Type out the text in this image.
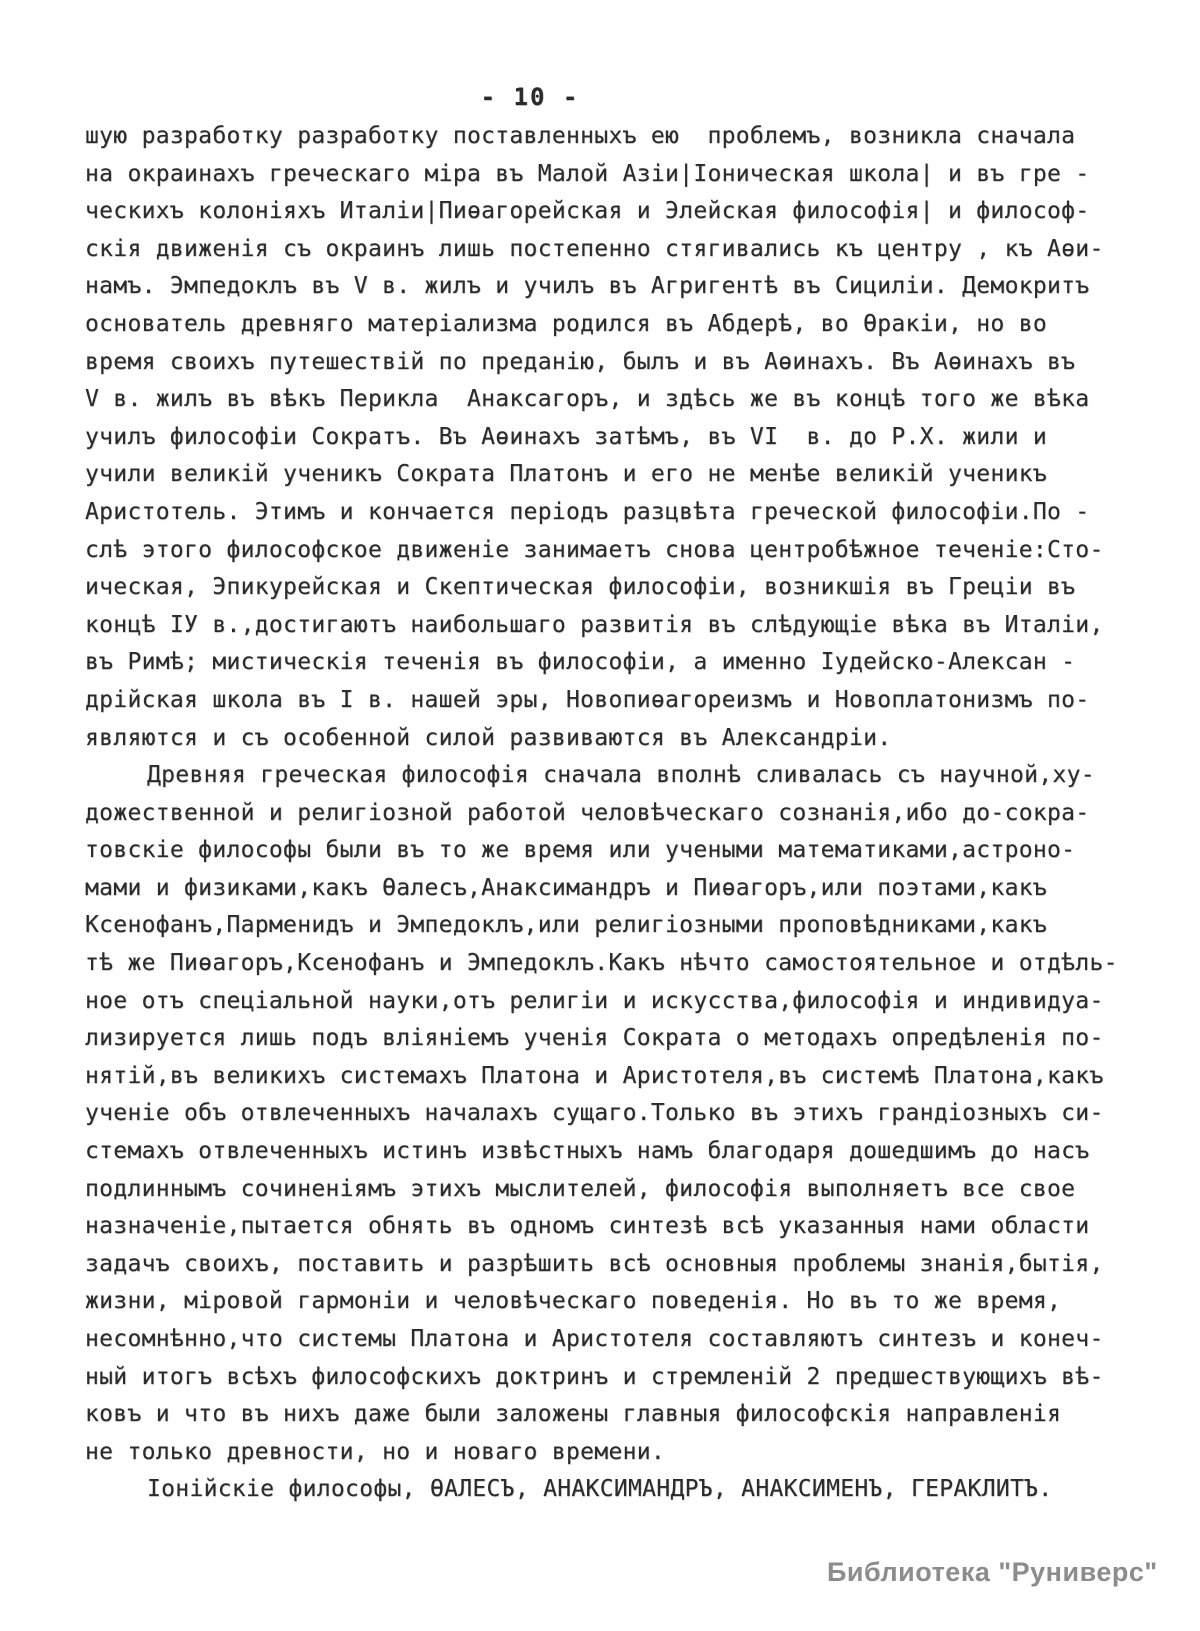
- 10 -
шую разработку разработку поставленныхъ ею  проблемъ, возникла сначала
на окраинахъ греческаго міра въ Малой Азіи|Іоническая школа| и въ гре -
ческихъ колоніяхъ Италіи|Пиѳагорейская и Элейская философія| и философ-
скія движенія съ окраинъ лишь постепенно стягивались къ центру , къ Аѳи-
намъ. Эмпедоклъ въ V в. жилъ и училъ въ Агригентѣ въ Сициліи. Демокритъ
основатель древняго матеріализма родился въ Абдерѣ, во Ѳракіи, но во
время своихъ путешествій по преданію, былъ и въ Аѳинахъ. Въ Аѳинахъ въ
V в. жилъ въ вѣкъ Перикла  Анаксагоръ, и здѣсь же въ концѣ того же вѣка
училъ философіи Сократъ. Въ Аѳинахъ затѣмъ, въ VI  в. до Р.Х. жили и
учили великій ученикъ Сократа Платонъ и его не менѣе великій ученикъ
Аристотель. Этимъ и кончается періодъ разцвѣта греческой философіи.По -
слѣ этого философское движеніе занимаетъ снова центробѣжное теченіе:Сто-
ическая, Эпикурейская и Скептическая философіи, возникшія въ Греціи въ
концѣ IУ в.,достигаютъ наибольшаго развитія въ слѣдующіе вѣка въ Италіи,
въ Римѣ; мистическія теченія въ философіи, а именно Іудейско-Алексан -
дрійская школа въ I в. нашей эры, Новопиѳагореизмъ и Новоплатонизмъ по-
являются и съ особенной силой развиваются въ Александріи.
Древняя греческая философія сначала вполнѣ сливалась съ научной,ху-
дожественной и религіозной работой человѣческаго сознанія,ибо до-сокра-
товскіе философы были въ то же время или учеными математиками,астроно-
мами и физиками,какъ Ѳалесъ,Анаксимандръ и Пиѳагоръ,или поэтами,какъ
Ксенофанъ,Парменидъ и Эмпедоклъ,или религіозными проповѣдниками,какъ
тѣ же Пиѳагоръ,Ксенофанъ и Эмпедоклъ.Какъ нѣчто самостоятельное и отдѣль-
ное отъ спеціальной науки,отъ религіи и искусства,философія и индивидуа-
лизируется лишь подъ вліяніемъ ученія Сократа о методахъ опредѣленія по-
нятій,въ великихъ системахъ Платона и Аристотеля,въ системѣ Платона,какъ
ученіе объ отвлеченныхъ началахъ сущаго.Только въ этихъ грандіозныхъ си-
стемахъ отвлеченныхъ истинъ извѣстныхъ намъ благодаря дошедшимъ до насъ
подлиннымъ сочиненіямъ этихъ мыслителей, философія выполняетъ все свое
назначеніе,пытается обнять въ одномъ синтезѣ всѣ указанныя нами области
задачъ своихъ, поставить и разрѣшить всѣ основныя проблемы знанія,бытія,
жизни, міровой гармоніи и человѣческаго поведенія. Но въ то же время,
несомнѣнно,что системы Платона и Аристотеля составляютъ синтезъ и конеч-
ный итогъ всѣхъ философскихъ доктринъ и стремленій 2 предшествующихъ вѣ-
ковъ и что въ нихъ даже были заложены главныя философскія направленія
не только древности, но и новаго времени.
Іонійскіе философы, ѲАЛЕСЪ, АНАКСИМАНДРЪ, АНАКСИМЕНЪ, ГЕРАКЛИТЪ.
Библиотека "Руниверс"
